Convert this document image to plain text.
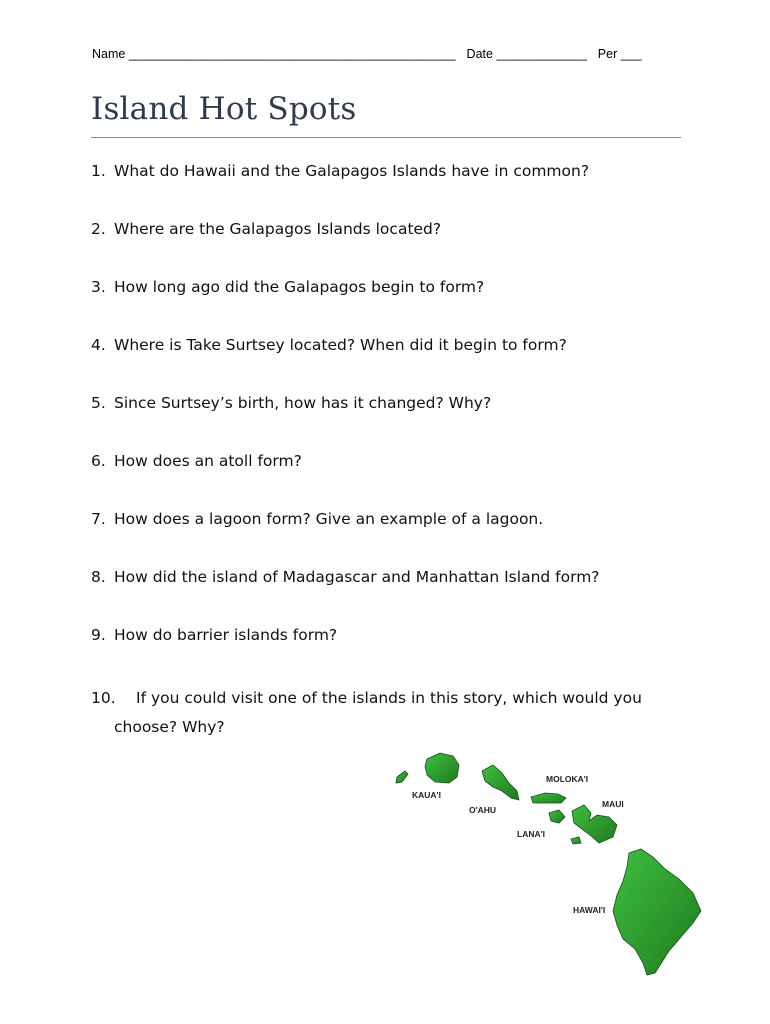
Name _______________________________________________ Date _____________ Per ___
Island Hot Spots
1. What do Hawaii and the Galapagos Islands have in common?
2. Where are the Galapagos Islands located?
3. How long ago did the Galapagos begin to form?
4. Where is Take Surtsey located? When did it begin to form?
5. Since Surtsey’s birth, how has it changed? Why?
6. How does an atoll form?
7. How does a lagoon form? Give an example of a lagoon.
8. How did the island of Madagascar and Manhattan Island form?
9. How do barrier islands form?
10. If you could visit one of the islands in this story, which would you
choose? Why?
KAUA'I
O'AHU
MOLOKA'I
MAUI
LANA'I
HAWAI'I
